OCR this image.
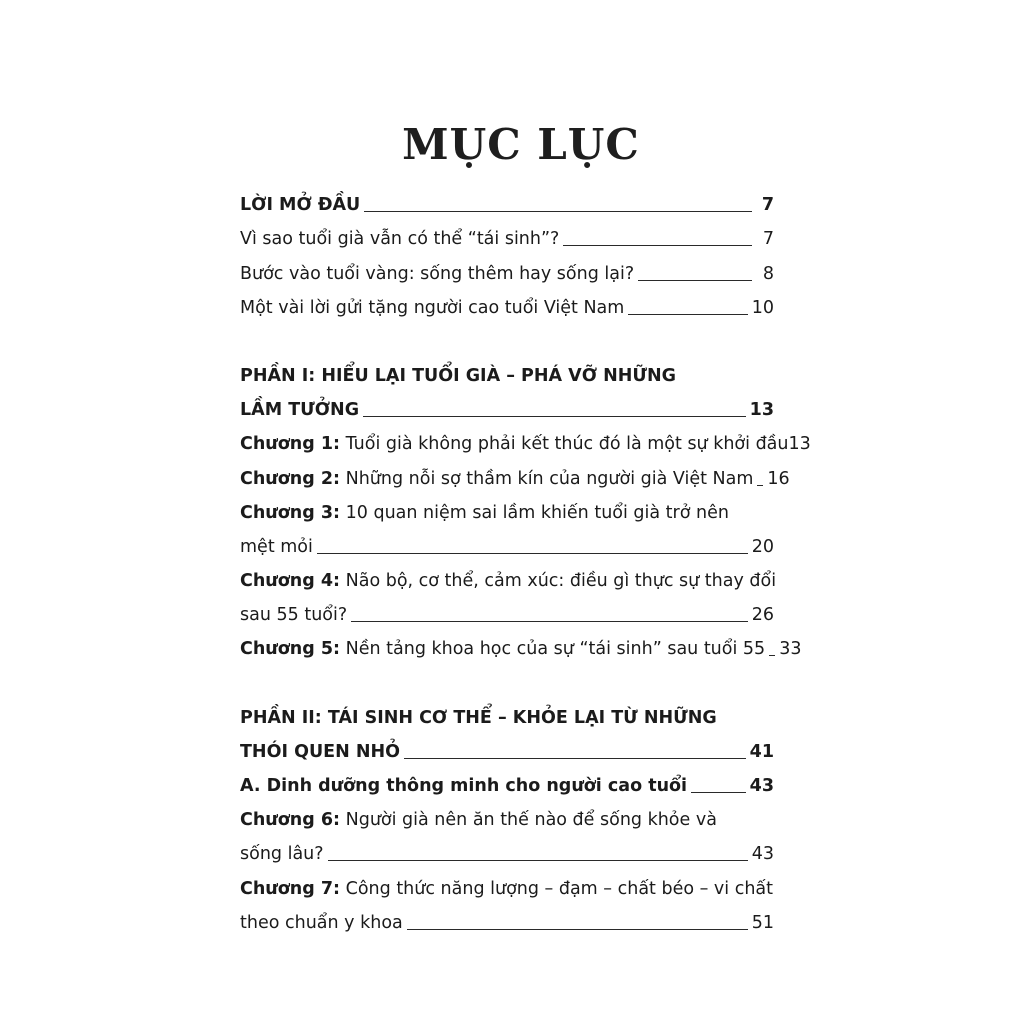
MỤC LỤC
LỜI MỞ ĐẦU	7
Vì sao tuổi già vẫn có thể “tái sinh”?	7
Bước vào tuổi vàng: sống thêm hay sống lại?	8
Một vài lời gửi tặng người cao tuổi Việt Nam	10
PHẦN I: HIỂU LẠI TUỔI GIÀ – PHÁ VỠ NHỮNG
LẦM TƯỞNG	13
Chương 1: Tuổi già không phải kết thúc đó là một sự khởi đầu 13
Chương 2: Những nỗi sợ thầm kín của người già Việt Nam 16
Chương 3: 10 quan niệm sai lầm khiến tuổi già trở nên
mệt mỏi	20
Chương 4: Não bộ, cơ thể, cảm xúc: điều gì thực sự thay đổi
sau 55 tuổi?	26
Chương 5: Nền tảng khoa học của sự “tái sinh” sau tuổi 55 33
PHẦN II: TÁI SINH CƠ THỂ – KHỎE LẠI TỪ NHỮNG
THÓI QUEN NHỎ	41
A. Dinh dưỡng thông minh cho người cao tuổi	43
Chương 6: Người già nên ăn thế nào để sống khỏe và
sống lâu?	43
Chương 7: Công thức năng lượng – đạm – chất béo – vi chất
theo chuẩn y khoa	51
